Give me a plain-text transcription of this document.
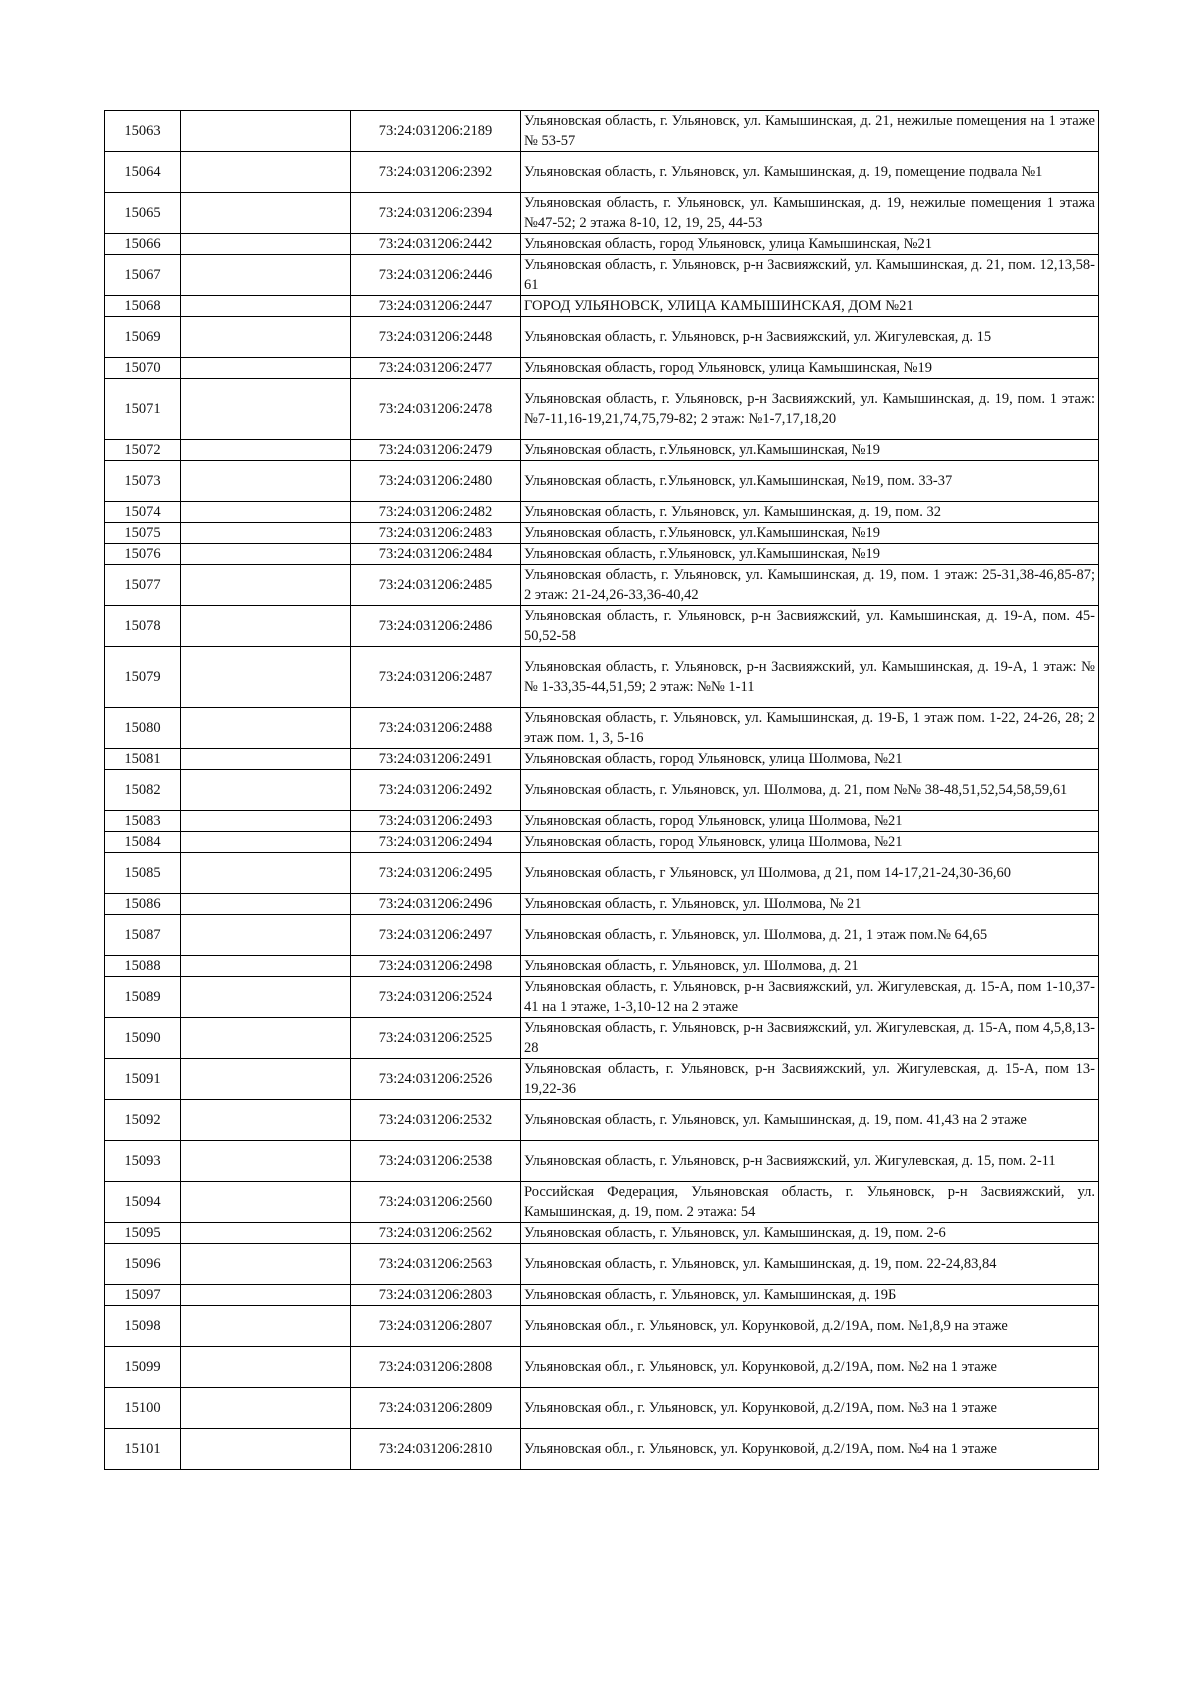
15063		73:24:031206:2189	Ульяновская область, г. Ульяновск, ул. Камышинская, д. 21, нежилые помещения на 1 этаже № 53-57
15064		73:24:031206:2392	Ульяновская область, г. Ульяновск, ул. Камышинская, д. 19, помещение подвала №1
15065		73:24:031206:2394	Ульяновская область, г. Ульяновск, ул. Камышинская, д. 19, нежилые помещения 1 этажа №47-52; 2 этажа 8-10, 12, 19, 25, 44-53
15066		73:24:031206:2442	Ульяновская область, город Ульяновск, улица Камышинская, №21
15067		73:24:031206:2446	Ульяновская область, г. Ульяновск, р-н Засвияжский, ул. Камышинская, д. 21, пом. 12,13,58-61
15068		73:24:031206:2447	ГОРОД УЛЬЯНОВСК, УЛИЦА КАМЫШИНСКАЯ, ДОМ №21
15069		73:24:031206:2448	Ульяновская область, г. Ульяновск, р-н Засвияжский, ул. Жигулевская, д. 15
15070		73:24:031206:2477	Ульяновская область, город Ульяновск, улица Камышинская, №19
15071		73:24:031206:2478	Ульяновская область, г. Ульяновск, р-н Засвияжский, ул. Камышинская, д. 19, пом. 1 этаж: №7-11,16-19,21,74,75,79-82; 2 этаж: №1-7,17,18,20
15072		73:24:031206:2479	Ульяновская область, г.Ульяновск, ул.Камышинская, №19
15073		73:24:031206:2480	Ульяновская область, г.Ульяновск, ул.Камышинская, №19, пом. 33-37
15074		73:24:031206:2482	Ульяновская область, г. Ульяновск, ул. Камышинская, д. 19, пом. 32
15075		73:24:031206:2483	Ульяновская область, г.Ульяновск, ул.Камышинская, №19
15076		73:24:031206:2484	Ульяновская область, г.Ульяновск, ул.Камышинская, №19
15077		73:24:031206:2485	Ульяновская область, г. Ульяновск, ул. Камышинская, д. 19, пом. 1 этаж: 25-31,38-46,85-87; 2 этаж: 21-24,26-33,36-40,42
15078		73:24:031206:2486	Ульяновская область, г. Ульяновск, р-н Засвияжский, ул. Камышинская, д. 19-А, пом. 45-50,52-58
15079		73:24:031206:2487	Ульяновская область, г. Ульяновск, р-н Засвияжский, ул. Камышинская, д. 19-А, 1 этаж: №№ 1-33,35-44,51,59; 2 этаж: №№ 1-11
15080		73:24:031206:2488	Ульяновская область, г. Ульяновск, ул. Камышинская, д. 19-Б, 1 этаж пом. 1-22, 24-26, 28; 2 этаж пом. 1, 3, 5-16
15081		73:24:031206:2491	Ульяновская область, город Ульяновск, улица Шолмова, №21
15082		73:24:031206:2492	Ульяновская область, г. Ульяновск, ул. Шолмова, д. 21, пом №№ 38-48,51,52,54,58,59,61
15083		73:24:031206:2493	Ульяновская область, город Ульяновск, улица Шолмова, №21
15084		73:24:031206:2494	Ульяновская область, город Ульяновск, улица Шолмова, №21
15085		73:24:031206:2495	Ульяновская область, г Ульяновск, ул Шолмова, д 21, пом 14-17,21-24,30-36,60
15086		73:24:031206:2496	Ульяновская область, г. Ульяновск, ул. Шолмова, № 21
15087		73:24:031206:2497	Ульяновская область, г. Ульяновск, ул. Шолмова, д. 21, 1 этаж пом.№ 64,65
15088		73:24:031206:2498	Ульяновская область, г. Ульяновск, ул. Шолмова, д. 21
15089		73:24:031206:2524	Ульяновская область, г. Ульяновск, р-н Засвияжский, ул. Жигулевская, д. 15-А, пом 1-10,37-41 на 1 этаже, 1-3,10-12 на 2 этаже
15090		73:24:031206:2525	Ульяновская область, г. Ульяновск, р-н Засвияжский, ул. Жигулевская, д. 15-А, пом 4,5,8,13-28
15091		73:24:031206:2526	Ульяновская область, г. Ульяновск, р-н Засвияжский, ул. Жигулевская, д. 15-А, пом 13-19,22-36
15092		73:24:031206:2532	Ульяновская область, г. Ульяновск, ул. Камышинская, д. 19, пом. 41,43 на 2 этаже
15093		73:24:031206:2538	Ульяновская область, г. Ульяновск, р-н Засвияжский, ул. Жигулевская, д. 15, пом. 2-11
15094		73:24:031206:2560	Российская Федерация, Ульяновская область, г. Ульяновск, р-н Засвияжский, ул. Камышинская, д. 19, пом. 2 этажа: 54
15095		73:24:031206:2562	Ульяновская область, г. Ульяновск, ул. Камышинская, д. 19, пом. 2-6
15096		73:24:031206:2563	Ульяновская область, г. Ульяновск, ул. Камышинская, д. 19, пом. 22-24,83,84
15097		73:24:031206:2803	Ульяновская область, г. Ульяновск, ул. Камышинская, д. 19Б
15098		73:24:031206:2807	Ульяновская обл., г. Ульяновск, ул. Корунковой, д.2/19А, пом. №1,8,9 на этаже
15099		73:24:031206:2808	Ульяновская обл., г. Ульяновск, ул. Корунковой, д.2/19А, пом. №2 на 1 этаже
15100		73:24:031206:2809	Ульяновская обл., г. Ульяновск, ул. Корунковой, д.2/19А, пом. №3 на 1 этаже
15101		73:24:031206:2810	Ульяновская обл., г. Ульяновск, ул. Корунковой, д.2/19А, пом. №4 на 1 этаже
